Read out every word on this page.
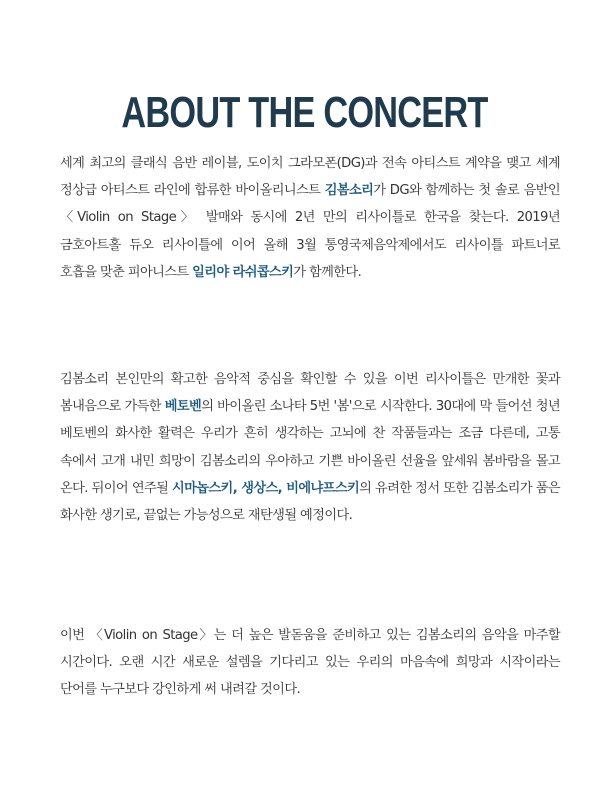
ABOUT THE CONCERT

세계 최고의 클래식 음반 레이블, 도이치 그라모폰(DG)과 전속 아티스트 계약을 맺고 세계 정상급 아티스트 라인에 합류한 바이올리니스트 김봄소리가 DG와 함께하는 첫 솔로 음반인 〈Violin on Stage〉 발매와 동시에 2년 만의 리사이틀로 한국을 찾는다. 2019년 금호아트홀 듀오 리사이틀에 이어 올해 3월 통영국제음악제에서도 리사이틀 파트너로 호흡을 맞춘 피아니스트 일리야 라쉬콥스키가 함께한다.

김봄소리 본인만의 확고한 음악적 중심을 확인할 수 있을 이번 리사이틀은 만개한 꽃과 봄내음으로 가득한 베토벤의 바이올린 소나타 5번 '봄'으로 시작한다. 30대에 막 들어선 청년 베토벤의 화사한 활력은 우리가 흔히 생각하는 고뇌에 찬 작품들과는 조금 다른데, 고통 속에서 고개 내민 희망이 김봄소리의 우아하고 기쁜 바이올린 선율을 앞세워 봄바람을 몰고 온다. 뒤이어 연주될 시마놉스키, 생상스, 비에냐프스키의 유려한 정서 또한 김봄소리가 품은 화사한 생기로, 끝없는 가능성으로 재탄생될 예정이다.

이번 〈Violin on Stage〉는 더 높은 발돋움을 준비하고 있는 김봄소리의 음악을 마주할 시간이다. 오랜 시간 새로운 설렘을 기다리고 있는 우리의 마음속에 희망과 시작이라는 단어를 누구보다 강인하게 써 내려갈 것이다.
